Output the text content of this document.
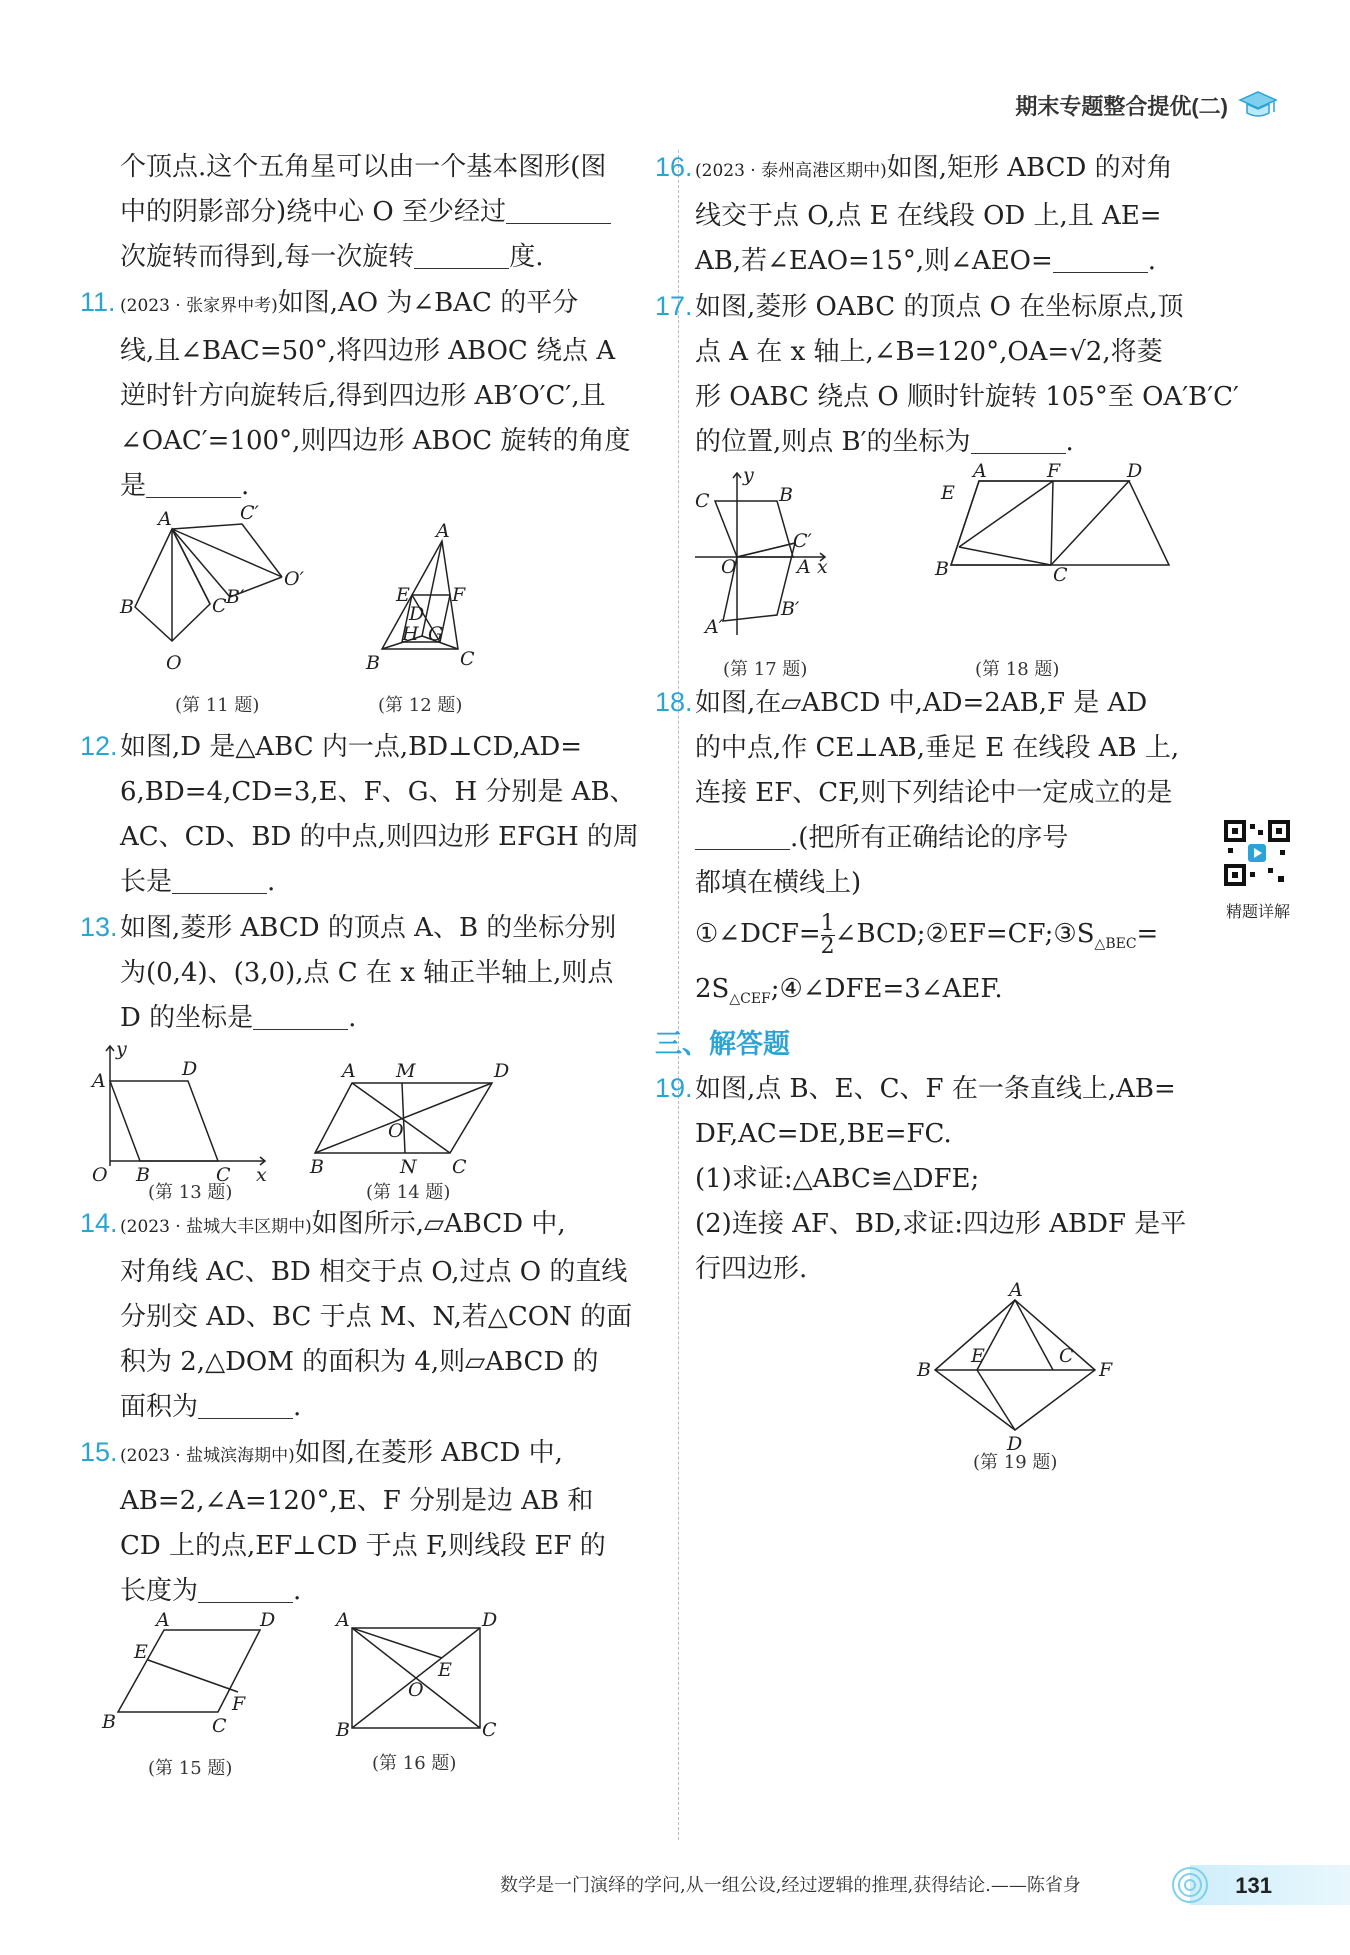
期末专题整合提优(二)
个顶点.这个五角星可以由一个基本图形(图
中的阴影部分)绕中心 O 至少经过
次旋转而得到,每一次旋转	度.
11. (2023 · 张家界中考)如图,AO 为∠BAC 的平分
线,且∠BAC=50°,将四边形 ABOC 绕点 A
逆时针方向旋转后,得到四边形 AB′O′C′,且
∠OAC′=100°,则四边形 ABOC 旋转的角度
是	.
A
B	C
O
C′
O′
B′
(第 11 题)
A
E F
D
H G
B	C
(第 12 题)
12.如图,D 是△ABC 内一点,BD⊥CD,AD=
6,BD=4,CD=3,E、F、G、H 分别是 AB、
AC、CD、BD 的中点,则四边形 EFGH 的周
长是	.
13.如图,菱形 ABCD 的顶点 A、B 的坐标分别
为(0,4)、(3,0),点 C 在 x 轴正半轴上,则点
D 的坐标是	.
y
A
D
O B	C x
(第 13 题)
A M	D
O
B	N C
(第 14 题)
14. (2023 · 盐城大丰区期中)如图所示,▱ABCD 中,
对角线 AC、BD 相交于点 O,过点 O 的直线
分别交 AD、BC 于点 M、N,若△CON 的面
积为 2,△DOM 的面积为 4,则▱ABCD 的
面积为	.
15. (2023 · 盐城滨海期中)如图,在菱形 ABCD 中,
AB=2,∠A=120°,E、F 分别是边 AB 和
CD 上的点,EF⊥CD 于点 F,则线段 EF 的
长度为	.
A	D
E
F
B	C
(第 15 题)
A	D
E
O
B	C
(第 16 题)
16. (2023 · 泰州高港区期中)如图,矩形 ABCD 的对角
线交于点 O,点 E 在线段 OD 上,且 AE=
AB,若∠EAO=15°,则∠AEO=	.
17.如图,菱形 OABC 的顶点 O 在坐标原点,顶
点 A 在 x 轴上,∠B=120°,OA=√2,将菱
形 OABC 绕点 O 顺时针旋转 105°至 OA′B′C′
的位置,则点 B′的坐标为	.
y
C	B
C′
O	A x
B′
A′
(第 17 题)
A	F	D
E
B	C
(第 18 题)
18.如图,在▱ABCD 中,AD=2AB,F 是 AD
的中点,作 CE⊥AB,垂足 E 在线段 AB 上,
连接 EF、CF,则下列结论中一定成立的是
.(把所有正确结论的序号
都填在横线上)
精题详解
①∠DCF= $\frac{1}{2}$ $\angle BCD;②EF=CF;③S_{\triangle BEC}=$
$2S_{\triangle CEF};④\angle DFE=3\angle AEF$.
三、解答题
19.如图,点 B、E、C、F 在一条直线上,AB=
DF,AC=DE,BE=FC.
(1)求证:△ABC≌△DFE;
(2)连接 AF、BD,求证:四边形 ABDF 是平
行四边形.
A
B
E	C
F
D
(第 19 题)
数学是一门演绎的学问,从一组公设,经过逻辑的推理,获得结论.——陈省身	131
